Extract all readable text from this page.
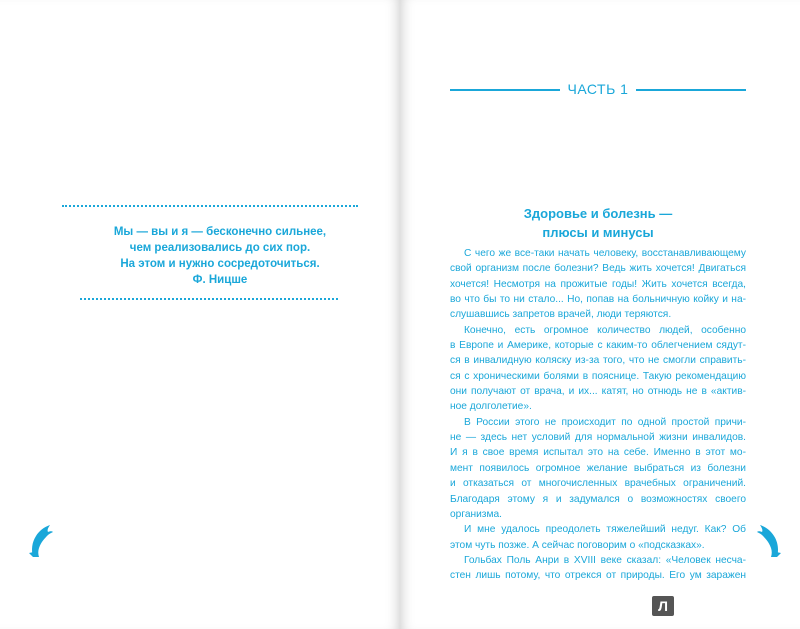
Мы — вы и я — бесконечно сильнее,
чем реализовались до сих пор.
На этом и нужно сосредоточиться.
Ф. Ницше
ЧАСТЬ 1
Здоровье и болезнь —
плюсы и минусы
С чего же все-таки начать человеку, восстанавливающему
свой организм после болезни? Ведь жить хочется! Двигаться
хочется! Несмотря на прожитые годы! Жить хочется всегда,
во что бы то ни стало... Но, попав на больничную койку и на-
слушавшись запретов врачей, люди теряются.
Конечно, есть огромное количество людей, особенно
в Европе и Америке, которые с каким-то облегчением сядут-
ся в инвалидную коляску из-за того, что не смогли справить-
ся с хроническими болями в пояснице. Такую рекомендацию
они получают от врача, и их... катят, но отнюдь не в «актив-
ное долголетие».
В России этого не происходит по одной простой причи-
не — здесь нет условий для нормальной жизни инвалидов.
И я в свое время испытал это на себе. Именно в этот мо-
мент появилось огромное желание выбраться из болезни
и отказаться от многочисленных врачебных ограничений.
Благодаря этому я и задумался о возможностях своего
организма.
И мне удалось преодолеть тяжелейший недуг. Как? Об
этом чуть позже. А сейчас поговорим о «подсказках».
Гольбах Поль Анри в XVIII веке сказал: «Человек несча-
стен лишь потому, что отрекся от природы. Его ум заражен
Л
